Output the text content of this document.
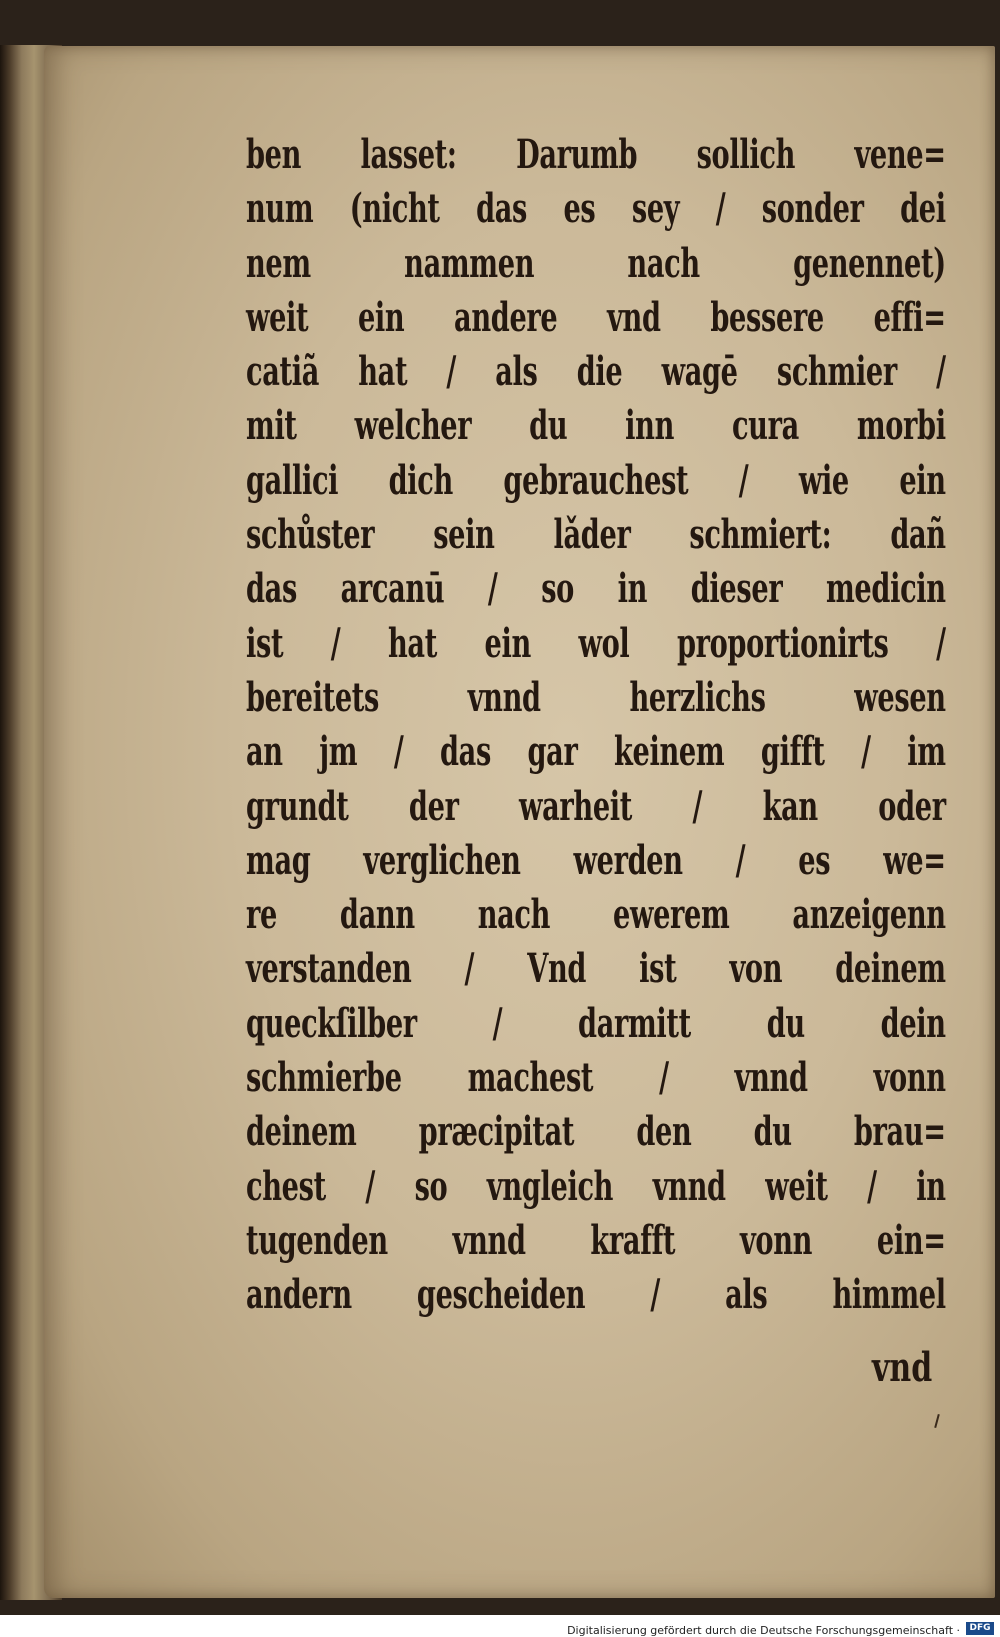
ben lasset: Darumb sollich vene=
num (nicht das es sey / sonder dei
nem nammen nach genennet)
weit ein andere vnd bessere effi=
catiã hat / als die wagē schmier /
mit welcher du inn cura morbi
gallici dich gebrauchest / wie ein
schůster sein lǎder schmiert: dañ
das arcanū / so in dieser medicin
ist / hat ein wol proportionirts /
bereitets vnnd herzlichs wesen
an jm / das gar keinem gifft / im
grundt der warheit / kan oder
mag verglichen werden / es we=
re dann nach ewerem anzeigenn
verstanden / Vnd ist von deinem
queckſilber / darmitt du dein
schmierbe machest / vnnd vonn
deinem præcipitat den du brau=
chest / so vngleich vnnd weit / in
tugenden vnnd krafft vonn ein=
andern gescheiden / als himmel
vnd
Digitalisierung gefördert durch die Deutsche Forschungsgemeinschaft ·	DFG
